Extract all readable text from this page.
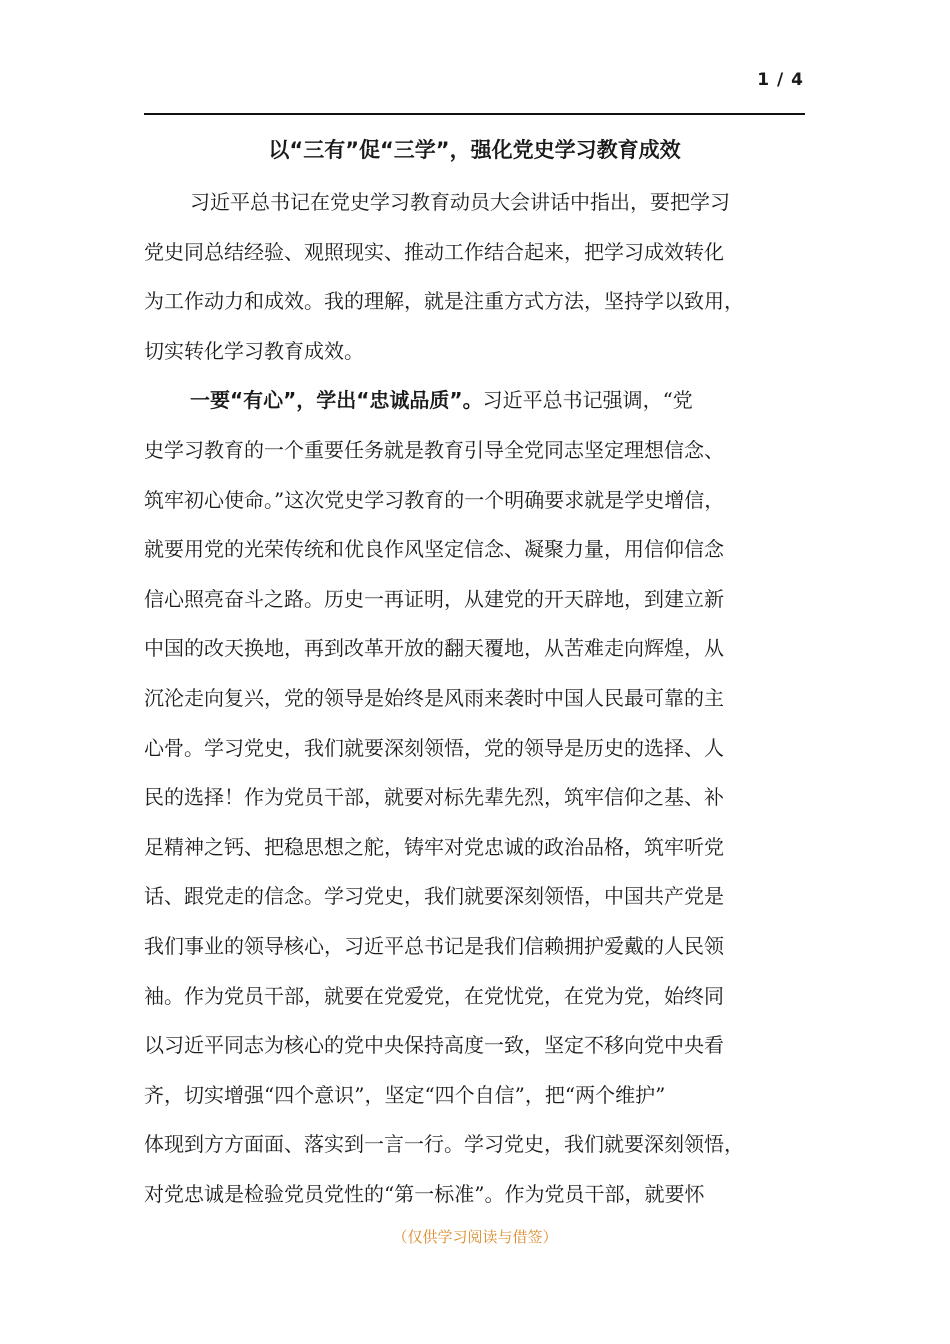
1 / 4
以“三有”促“三学”，强化党史学习教育成效
习近平总书记在党史学习教育动员大会讲话中指出，要把学习
党史同总结经验、观照现实、推动工作结合起来，把学习成效转化
为工作动力和成效。我的理解，就是注重方式方法，坚持学以致用，
切实转化学习教育成效。
一要“有心”，学出“忠诚品质”。习近平总书记强调，“党
史学习教育的一个重要任务就是教育引导全党同志坚定理想信念、
筑牢初心使命。”这次党史学习教育的一个明确要求就是学史增信，
就要用党的光荣传统和优良作风坚定信念、凝聚力量，用信仰信念
信心照亮奋斗之路。历史一再证明，从建党的开天辟地，到建立新
中国的改天换地，再到改革开放的翻天覆地，从苦难走向辉煌，从
沉沦走向复兴，党的领导是始终是风雨来袭时中国人民最可靠的主
心骨。学习党史，我们就要深刻领悟，党的领导是历史的选择、人
民的选择！作为党员干部，就要对标先辈先烈，筑牢信仰之基、补
足精神之钙、把稳思想之舵，铸牢对党忠诚的政治品格，筑牢听党
话、跟党走的信念。学习党史，我们就要深刻领悟，中国共产党是
我们事业的领导核心，习近平总书记是我们信赖拥护爱戴的人民领
袖。作为党员干部，就要在党爱党，在党忧党，在党为党，始终同
以习近平同志为核心的党中央保持高度一致，坚定不移向党中央看
齐，切实增强“四个意识”，坚定“四个自信”，把“两个维护”
体现到方方面面、落实到一言一行。学习党史，我们就要深刻领悟，
对党忠诚是检验党员党性的“第一标准”。作为党员干部，就要怀
（仅供学习阅读与借签）
